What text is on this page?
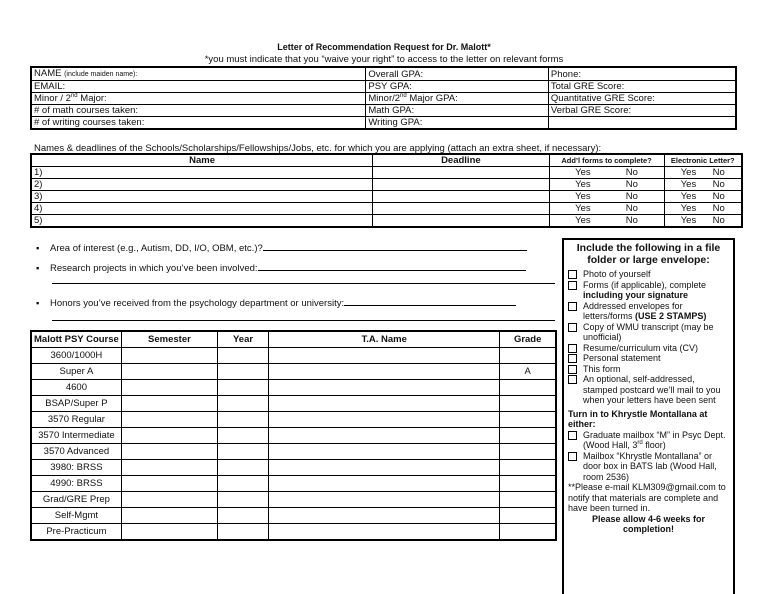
Letter of Recommendation Request for Dr. Malott*
*you must indicate that you “waive your right” to access to the letter on relevant forms
NAME (include maiden name):	Overall GPA:	Phone:
EMAIL:	PSY GPA:	Total GRE Score:
Minor / 2nd Major:	Minor/2nd Major GPA:	Quantitative GRE Score:
# of math courses taken:	Math GPA:	Verbal GRE Score:
# of writing courses taken:	Writing GPA:	
Names & deadlines of the Schools/Scholarships/Fellowships/Jobs, etc. for which you are applying (attach an extra sheet, if necessary):
Name	Deadline	Add’l forms to complete?	Electronic Letter?
1)		Yes No	Yes No

2)		Yes No	Yes No

3)		Yes No	Yes No

4)		Yes No	Yes No

5)		Yes No	Yes No
▪ Area of interest (e.g., Autism, DD, I/O, OBM, etc.)?
▪ Research projects in which you’ve been involved:
▪ Honors you’ve received from the psychology department or university:
Malott PSY Course	Semester	Year	T.A. Name	Grade
3600/1000H				
Super A				A
4600				
BSAP/Super P				
3570 Regular				
3570 Intermediate				
3570 Advanced				
3980: BRSS				
4990: BRSS				
Grad/GRE Prep				
Self-Mgmt				
Pre-Practicum				
Include the following in a file folder or large envelope:
Photo of yourself
Forms (if applicable), complete
including your signature
Addressed envelopes for letters/forms (USE 2 STAMPS)
Copy of WMU transcript (may be unofficial)
Resume/curriculum vita (CV)
Personal statement
This form
An optional, self-addressed, stamped postcard we’ll mail to you when your letters have been sent
Turn in to Khrystle Montallana at either:
Graduate mailbox “M” in Psyc Dept. (Wood Hall, 3rd floor)
Mailbox “Khrystle Montallana” or door box in BATS lab (Wood Hall, room 2536)
**Please e-mail KLM309@gmail.com to notify that materials are complete and have been turned in.
Please allow 4-6 weeks for completion!
